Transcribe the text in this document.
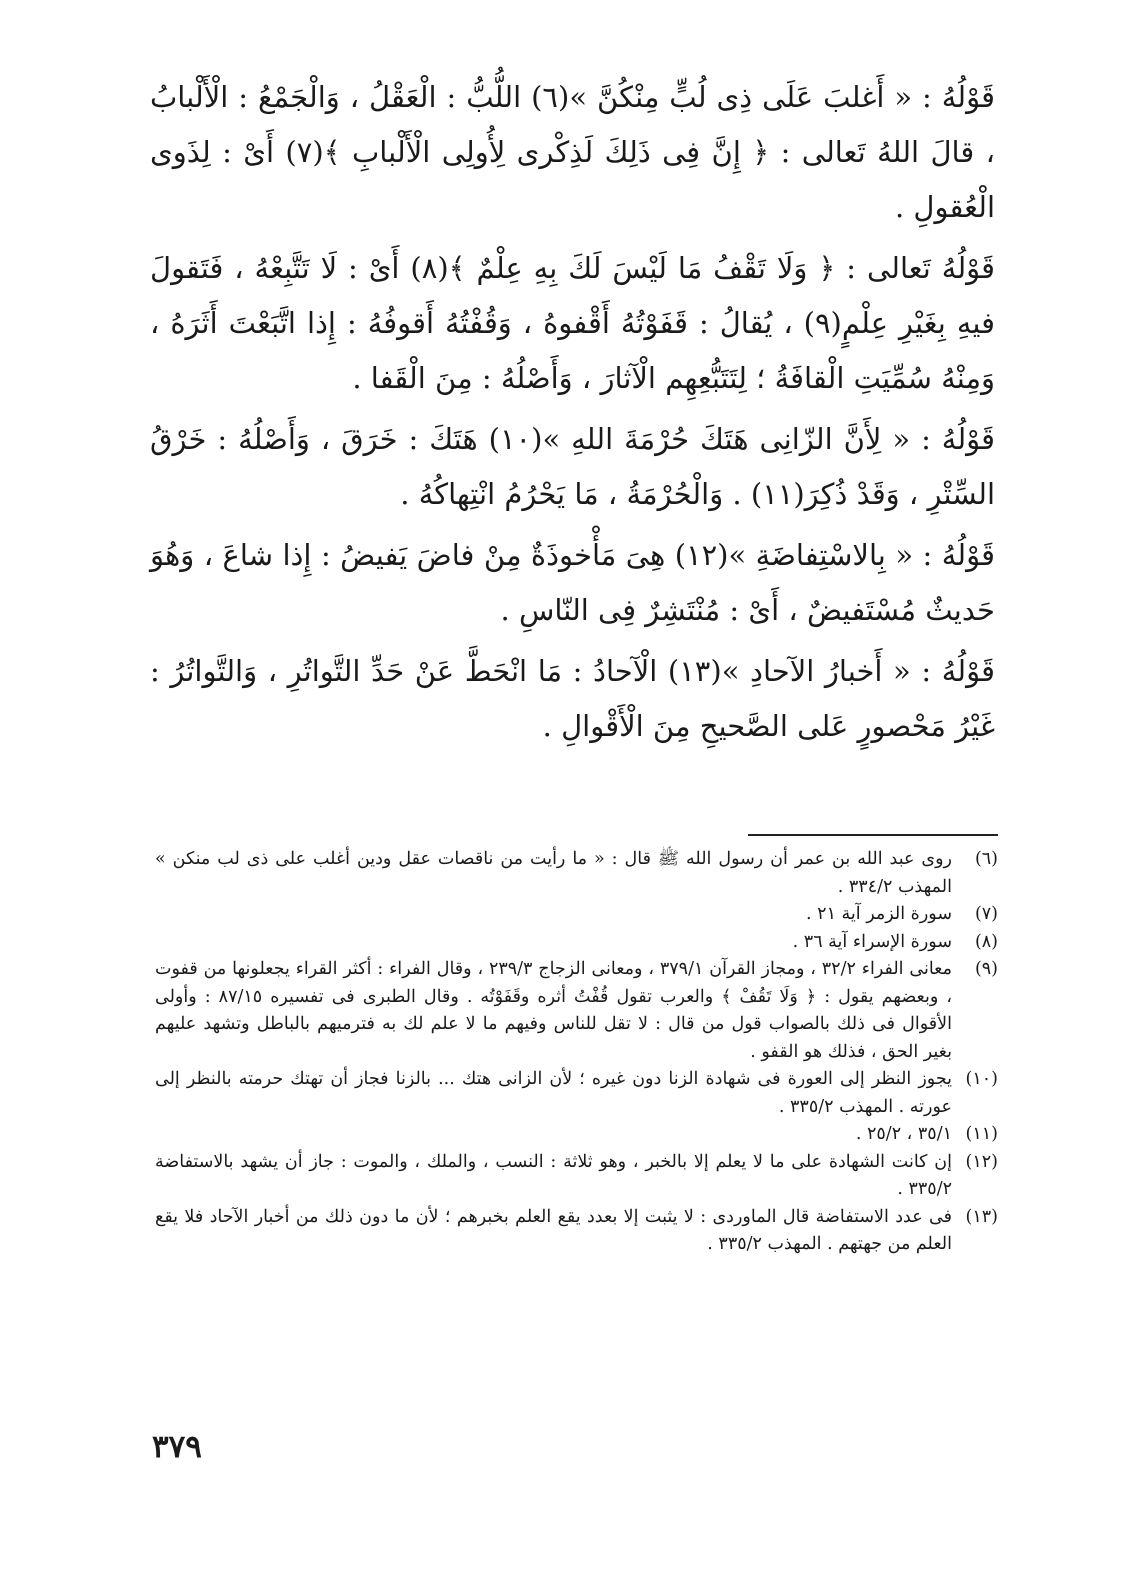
قَوْلُهُ : « أَغلبَ عَلَى ذِى لُبٍّ مِنْكُنَّ »(٦) اللُّبُّ : الْعَقْلُ ، وَالْجَمْعُ : الْأَلْبابُ ، قالَ اللهُ تَعالى : ﴿ إِنَّ فِى ذَلِكَ لَذِكْرى لِأُولِى الْأَلْبابِ ﴾(٧) أَىْ : لِذَوى الْعُقولِ .

قَوْلُهُ تَعالى : ﴿ وَلَا تَقْفُ مَا لَيْسَ لَكَ بِهِ عِلْمٌ ﴾(٨) أَىْ : لَا تَتَّبِعْهُ ، فَتَقولَ فيهِ بِغَيْرِ عِلْمٍ(٩) ، يُقالُ : قَفَوْتُهُ أَقْفوهُ ، وَقُفْتُهُ أَقوفُهُ : إِذا اتَّبَعْتَ أَثَرَهُ ، وَمِنْهُ سُمِّيَتِ الْقافَةُ ؛ لِتَتَبُّعِهِم الْآثارَ ، وَأَصْلُهُ : مِنَ الْقَفا .

قَوْلُهُ : « لِأَنَّ الزّانِى هَتَكَ حُرْمَةَ اللهِ »(١٠) هَتَكَ : خَرَقَ ، وَأَصْلُهُ : خَرْقُ السِّتْرِ ، وَقَدْ ذُكِرَ(١١) . وَالْحُرْمَةُ ، مَا يَحْرُمُ انْتِهاكُهُ .

قَوْلُهُ : « بِالاسْتِفاضَةِ »(١٢) هِىَ مَأْخوذَةٌ مِنْ فاضَ يَفيضُ : إِذا شاعَ ، وَهُوَ حَديثٌ مُسْتَفيضٌ ، أَىْ : مُنْتَشِرٌ فِى النّاسِ .

قَوْلُهُ : « أَخبارُ الآحادِ »(١٣) الْآحادُ : مَا انْحَطَّ عَنْ حَدِّ التَّواتُرِ ، وَالتَّواتُرُ : غَيْرُ مَحْصورٍ عَلى الصَّحيحِ مِنَ الْأَقْوالِ .

(٦)
روى عبد الله بن عمر أن رسول الله ﷺ قال : « ما رأيت من ناقصات عقل ودين أغلب على ذى لب منكن » المهذب ٣٣٤/٢ .
(٧)
سورة الزمر آية ٢١ .
(٨)
سورة الإسراء آية ٣٦ .
(٩)
معانى الفراء ٣٢/٢ ، ومجاز القرآن ٣٧٩/١ ، ومعانى الزجاج ٢٣٩/٣ ، وقال الفراء : أكثر القراء يجعلونها من قفوت ، وبعضهم يقول : ﴿ وَلَا تَقُفْ ﴾ والعرب تقول قُفْتُ أثره وقَفَوْتُه . وقال الطبرى فى تفسيره ٨٧/١٥ : وأولى الأقوال فى ذلك بالصواب قول من قال : لا تقل للناس وفيهم ما لا علم لك به فترميهم بالباطل وتشهد عليهم بغير الحق ، فذلك هو القفو .
(١٠)
يجوز النظر إلى العورة فى شهادة الزنا دون غيره ؛ لأن الزانى هتك ... بالزنا فجاز أن تهتك حرمته بالنظر إلى عورته . المهذب ٣٣٥/٢ .
(١١)
٣٥/١ ، ٢٥/٢ .
(١٢)
إن كانت الشهادة على ما لا يعلم إلا بالخبر ، وهو ثلاثة : النسب ، والملك ، والموت : جاز أن يشهد بالاستفاضة ٣٣٥/٢ .
(١٣)
فى عدد الاستفاضة قال الماوردى : لا يثبت إلا بعدد يقع العلم بخبرهم ؛ لأن ما دون ذلك من أخبار الآحاد فلا يقع العلم من جهتهم . المهذب ٣٣٥/٢ .
٣٧٩
